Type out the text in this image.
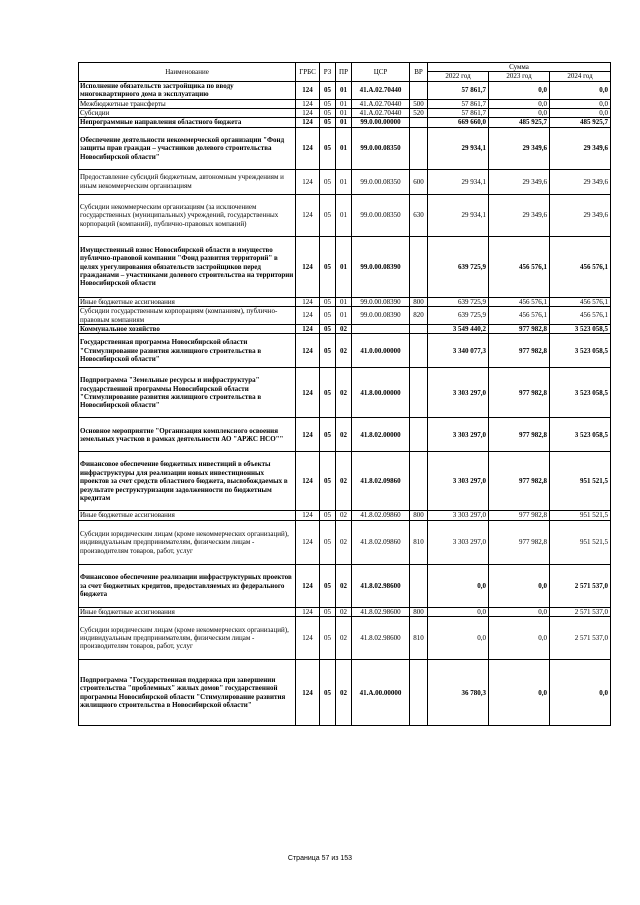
Наименование	ГРБС	РЗ	ПР	ЦСР	ВР	Сумма		
						2022 год	2023 год	2024 год
Исполнение обязательств застройщика по вводу многоквартирного дома в эксплуатацию	124	05	01	41.А.02.70440		57 861,7	0,0	0,0
Межбюджетные трансферты	124	05	01	41.А.02.70440	500	57 861,7	0,0	0,0
Субсидии	124	05	01	41.А.02.70440	520	57 861,7	0,0	0,0
Непрограммные направления областного бюджета	124	05	01	99.0.00.00000		669 660,0	485 925,7	485 925,7
Обеспечение деятельности некоммерческой организации "Фонд защиты прав граждан – участников долевого строительства Новосибирской области"	124	05	01	99.0.00.08350		29 934,1	29 349,6	29 349,6
Предоставление субсидий бюджетным, автономным учреждениям и иным некоммерческим организациям	124	05	01	99.0.00.08350	600	29 934,1	29 349,6	29 349,6
Субсидии некоммерческим организациям (за исключением государственных (муниципальных) учреждений, государственных корпораций (компаний), публично-правовых компаний)	124	05	01	99.0.00.08350	630	29 934,1	29 349,6	29 349,6
Имущественный взнос Новосибирской области в имущество публично-правовой компании "Фонд развития территорий" в целях урегулирования обязательств застройщиков перед гражданами – участниками долевого строительства на территории Новосибирской области	124	05	01	99.0.00.08390		639 725,9	456 576,1	456 576,1
Иные бюджетные ассигнования	124	05	01	99.0.00.08390	800	639 725,9	456 576,1	456 576,1
Субсидии государственным корпорациям (компаниям), публично-правовым компаниям	124	05	01	99.0.00.08390	820	639 725,9	456 576,1	456 576,1
Коммунальное хозяйство	124	05	02			3 549 440,2	977 982,8	3 523 058,5
Государственная программа Новосибирской области "Стимулирование развития жилищного строительства в Новосибирской области"	124	05	02	41.0.00.00000		3 340 077,3	977 982,8	3 523 058,5
Подпрограмма "Земельные ресурсы и инфраструктура" государственной программы Новосибирской области "Стимулирование развития жилищного строительства в Новосибирской области"	124	05	02	41.8.00.00000		3 303 297,0	977 982,8	3 523 058,5
Основное мероприятие "Организация комплексного освоения земельных участков в рамках деятельности АО "АРЖС НСО""	124	05	02	41.8.02.00000		3 303 297,0	977 982,8	3 523 058,5
Финансовое обеспечение бюджетных инвестиций в объекты инфраструктуры для реализации новых инвестиционных проектов за счет средств областного бюджета, высвобождаемых в результате реструктуризации задолженности по бюджетным кредитам	124	05	02	41.8.02.09860		3 303 297,0	977 982,8	951 521,5
Иные бюджетные ассигнования	124	05	02	41.8.02.09860	800	3 303 297,0	977 982,8	951 521,5
Субсидии юридическим лицам (кроме некоммерческих организаций), индивидуальным предпринимателям, физическим лицам - производителям товаров, работ, услуг	124	05	02	41.8.02.09860	810	3 303 297,0	977 982,8	951 521,5
Финансовое обеспечение реализации инфраструктурных проектов за счет бюджетных кредитов, предоставляемых из федерального бюджета	124	05	02	41.8.02.98600		0,0	0,0	2 571 537,0
Иные бюджетные ассигнования	124	05	02	41.8.02.98600	800	0,0	0,0	2 571 537,0
Субсидии юридическим лицам (кроме некоммерческих организаций), индивидуальным предпринимателям, физическим лицам - производителям товаров, работ, услуг	124	05	02	41.8.02.98600	810	0,0	0,0	2 571 537,0
Подпрограмма "Государственная поддержка при завершении строительства "проблемных" жилых домов" государственной программы Новосибирской области "Стимулирование развития жилищного строительства в Новосибирской области"	124	05	02	41.А.00.00000		36 780,3	0,0	0,0
Страница 57 из 153
